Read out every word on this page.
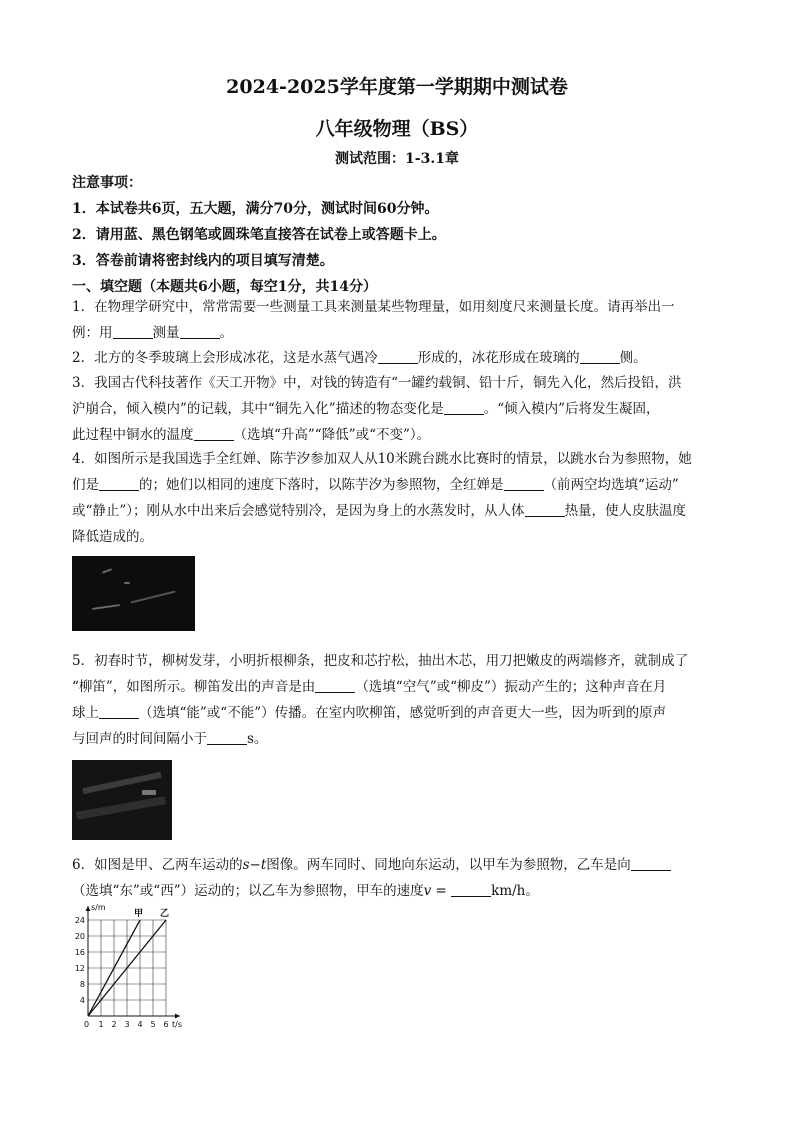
2024-2025学年度第一学期期中测试卷
八年级物理（BS）
测试范围：1-3.1章
注意事项：
1．本试卷共6页，五大题，满分70分，测试时间60分钟。
2．请用蓝、黑色钢笔或圆珠笔直接答在试卷上或答题卡上。
3．答卷前请将密封线内的项目填写清楚。
一、填空题（本题共6小题，每空1分，共14分）
1．在物理学研究中，常常需要一些测量工具来测量某些物理量，如用刻度尺来测量长度。请再举出一
例：用	测量	。
2．北方的冬季玻璃上会形成冰花，这是水蒸气遇冷	形成的，冰花形成在玻璃的	侧。
3．我国古代科技著作《天工开物》中，对钱的铸造有“一罐约载铜、铅十斤，铜先入化，然后投铅，洪
沪崩合，倾入模内”的记载，其中“铜先入化”描述的物态变化是	。“倾入模内”后将发生凝固，
此过程中铜水的温度	（选填“升高”“降低”或“不变”）。
4．如图所示是我国选手全红婵、陈芋汐参加双人从10米跳台跳水比赛时的情景，以跳水台为参照物，她
们是	的；她们以相同的速度下落时，以陈芋汐为参照物，全红婵是	（前两空均选填“运动”
或“静止”）；刚从水中出来后会感觉特别冷，是因为身上的水蒸发时，从人体	热量，使人皮肤温度
降低造成的。
5．初春时节，柳树发芽，小明折根柳条，把皮和芯拧松，抽出木芯，用刀把嫩皮的两端修齐，就制成了
“柳笛”，如图所示。柳笛发出的声音是由	（选填“空气”或“柳皮”）振动产生的；这种声音在月
球上	（选填“能”或“不能”）传播。在室内吹柳笛，感觉听到的声音更大一些，因为听到的原声
与回声的时间间隔小于	s。
6．如图是甲、乙两车运动的s−t图像。两车同时、同地向东运动，以甲车为参照物，乙车是向
（选填“东”或“西”）运动的；以乙车为参照物，甲车的速度v =	km/h。
甲 乙
0 1 2 3 4 5 6
4
8
12
16
20
24
t/s
s/m
